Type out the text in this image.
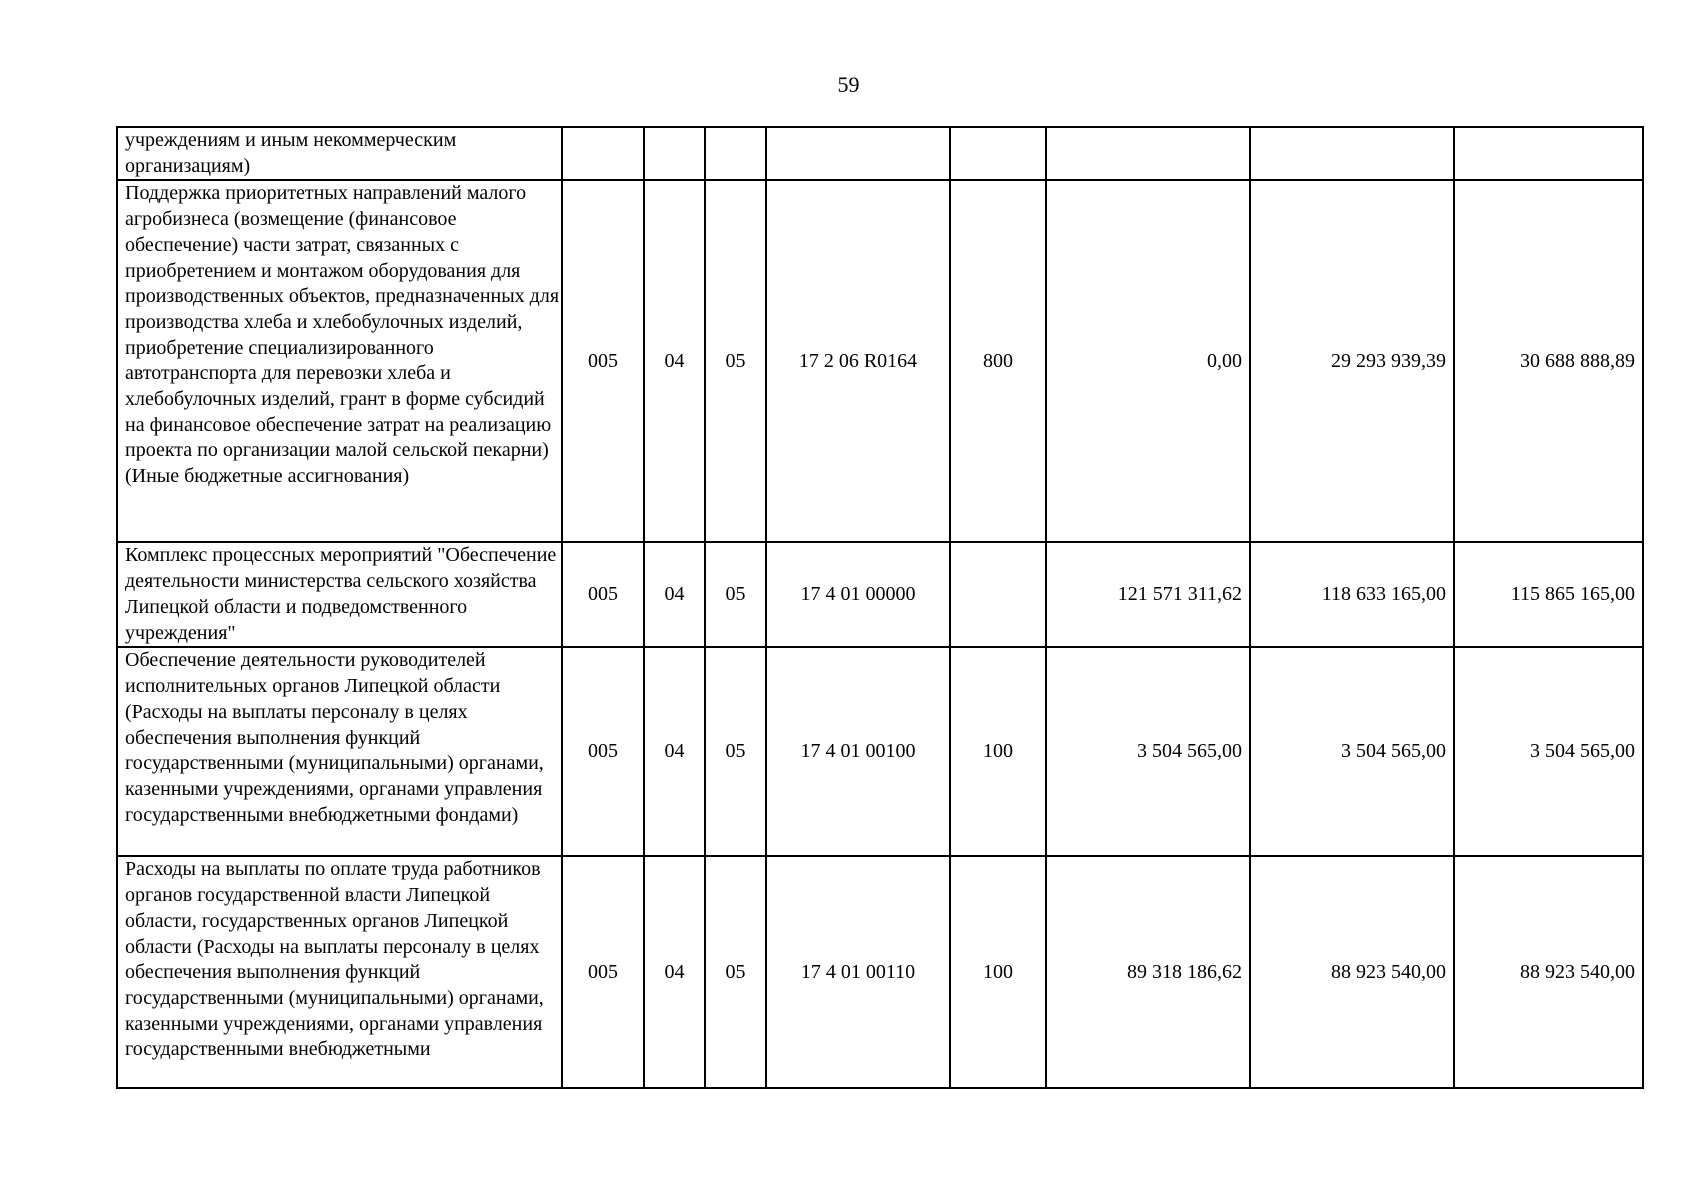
59
учреждениям и иным некоммерческим организациям)								
Поддержка приоритетных направлений малого агробизнеса (возмещение (финансовое обеспечение) части затрат, связанных с приобретением и монтажом оборудования для производственных объектов, предназначенных для производства хлеба и хлебобулочных изделий, приобретение специализированного автотранспорта для перевозки хлеба и хлебобулочных изделий, грант в форме субсидий на финансовое обеспечение затрат на реализацию проекта по организации малой сельской пекарни) (Иные бюджетные ассигнования)	005	04	05	17 2 06 R0164	800	0,00	29 293 939,39	30 688 888,89
Комплекс процессных мероприятий "Обеспечение деятельности министерства сельского хозяйства Липецкой области и подведомственного учреждения"	005	04	05	17 4 01 00000		121 571 311,62	118 633 165,00	115 865 165,00
Обеспечение деятельности руководителей исполнительных органов Липецкой области (Расходы на выплаты персоналу в целях обеспечения выполнения функций государственными (муниципальными) органами, казенными учреждениями, органами управления государственными внебюджетными фондами)	005	04	05	17 4 01 00100	100	3 504 565,00	3 504 565,00	3 504 565,00
Расходы на выплаты по оплате труда работников органов государственной власти Липецкой области, государственных органов Липецкой области (Расходы на выплаты персоналу в целях обеспечения выполнения функций государственными (муниципальными) органами, казенными учреждениями, органами управления государственными внебюджетными	005	04	05	17 4 01 00110	100	89 318 186,62	88 923 540,00	88 923 540,00
